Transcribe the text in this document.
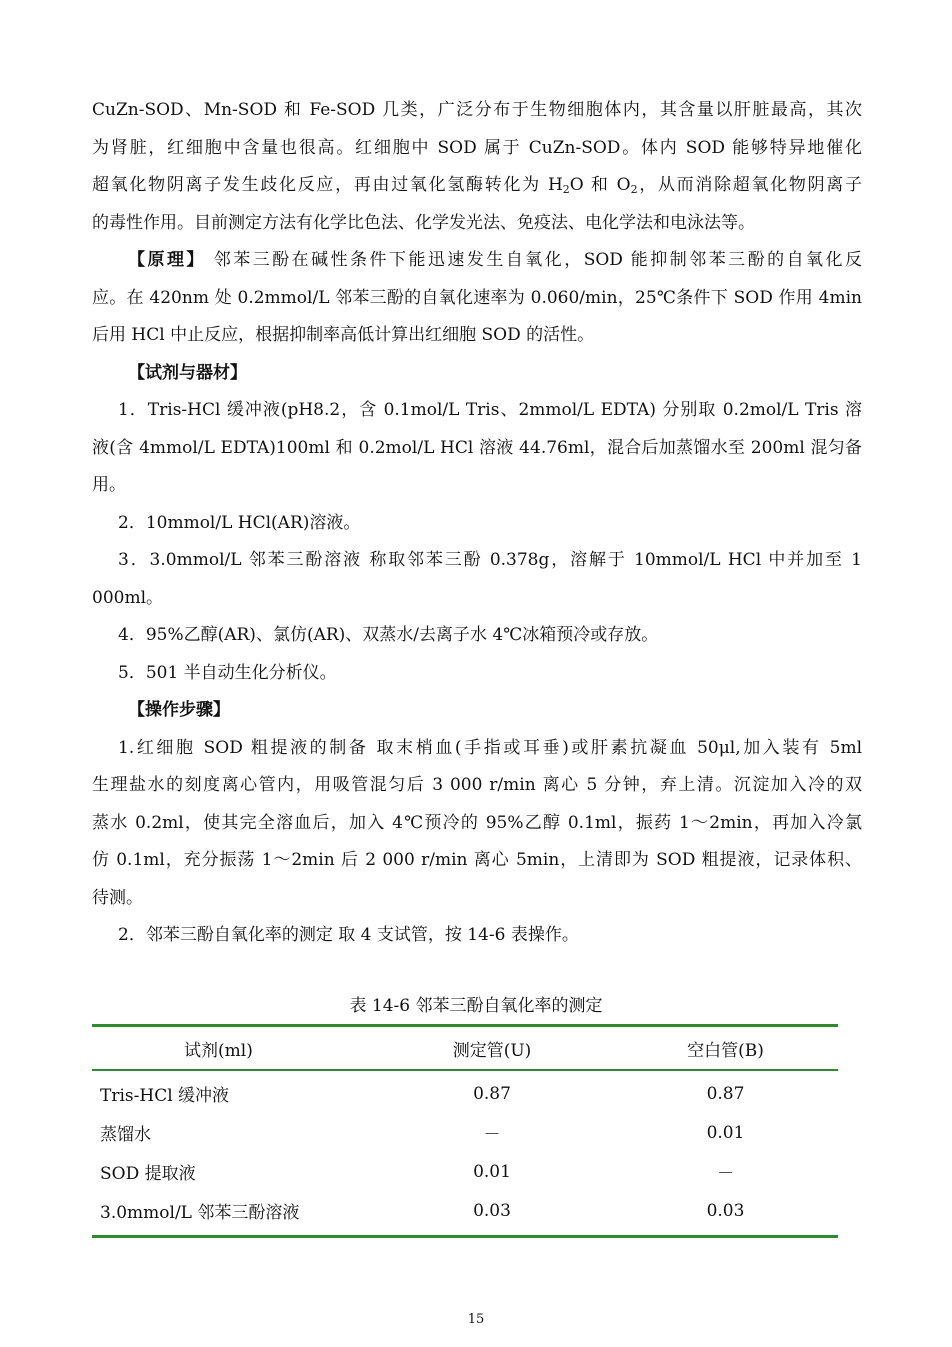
CuZn-SOD、Mn-SOD 和 Fe-SOD 几类，广泛分布于生物细胞体内，其含量以肝脏最高，其次
为肾脏，红细胞中含量也很高。红细胞中 SOD 属于 CuZn-SOD。体内 SOD 能够特异地催化
超氧化物阴离子发生歧化反应，再由过氧化氢酶转化为 $H_2O$ 和 $O_2$，从而消除超氧化物阴离子
的毒性作用。目前测定方法有化学比色法、化学发光法、免疫法、电化学法和电泳法等。
【原理】 邻苯三酚在碱性条件下能迅速发生自氧化，SOD 能抑制邻苯三酚的自氧化反
应。在 420nm 处 0.2mmol/L 邻苯三酚的自氧化速率为 0.060/min，25℃条件下 SOD 作用 4min
后用 HCl 中止反应，根据抑制率高低计算出红细胞 SOD 的活性。
【试剂与器材】
1．Tris-HCl 缓冲液(pH8.2，含 0.1mol/L Tris、2mmol/L EDTA) 分别取 0.2mol/L Tris 溶
液(含 4mmol/L EDTA)100ml 和 0.2mol/L HCl 溶液 44.76ml，混合后加蒸馏水至 200ml 混匀备
用。
2．10mmol/L HCl(AR)溶液。
3．3.0mmol/L 邻苯三酚溶液 称取邻苯三酚 0.378g，溶解于 10mmol/L HCl 中并加至 1
000ml。
4．95%乙醇(AR)、氯仿(AR)、双蒸水/去离子水 4℃冰箱预冷或存放。
5．501 半自动生化分析仪。
【操作步骤】
1.红细胞 SOD 粗提液的制备 取末梢血(手指或耳垂)或肝素抗凝血 50μl,加入装有 5ml
生理盐水的刻度离心管内，用吸管混匀后 3 000 r/min 离心 5 分钟，弃上清。沉淀加入冷的双
蒸水 0.2ml，使其完全溶血后，加入 4℃预冷的 95%乙醇 0.1ml，振药 1～2min，再加入冷氯
仿 0.1ml，充分振荡 1～2min 后 2 000 r/min 离心 5min，上清即为 SOD 粗提液，记录体积、
待测。
2．邻苯三酚自氧化率的测定 取 4 支试管，按 14-6 表操作。
表 14-6 邻苯三酚自氧化率的测定
试剂(ml)	测定管(U)	空白管(B)
Tris-HCl 缓冲液	0.87	0.87
蒸馏水	－	0.01
SOD 提取液	0.01	－
3.0mmol/L 邻苯三酚溶液	0.03	0.03
15
